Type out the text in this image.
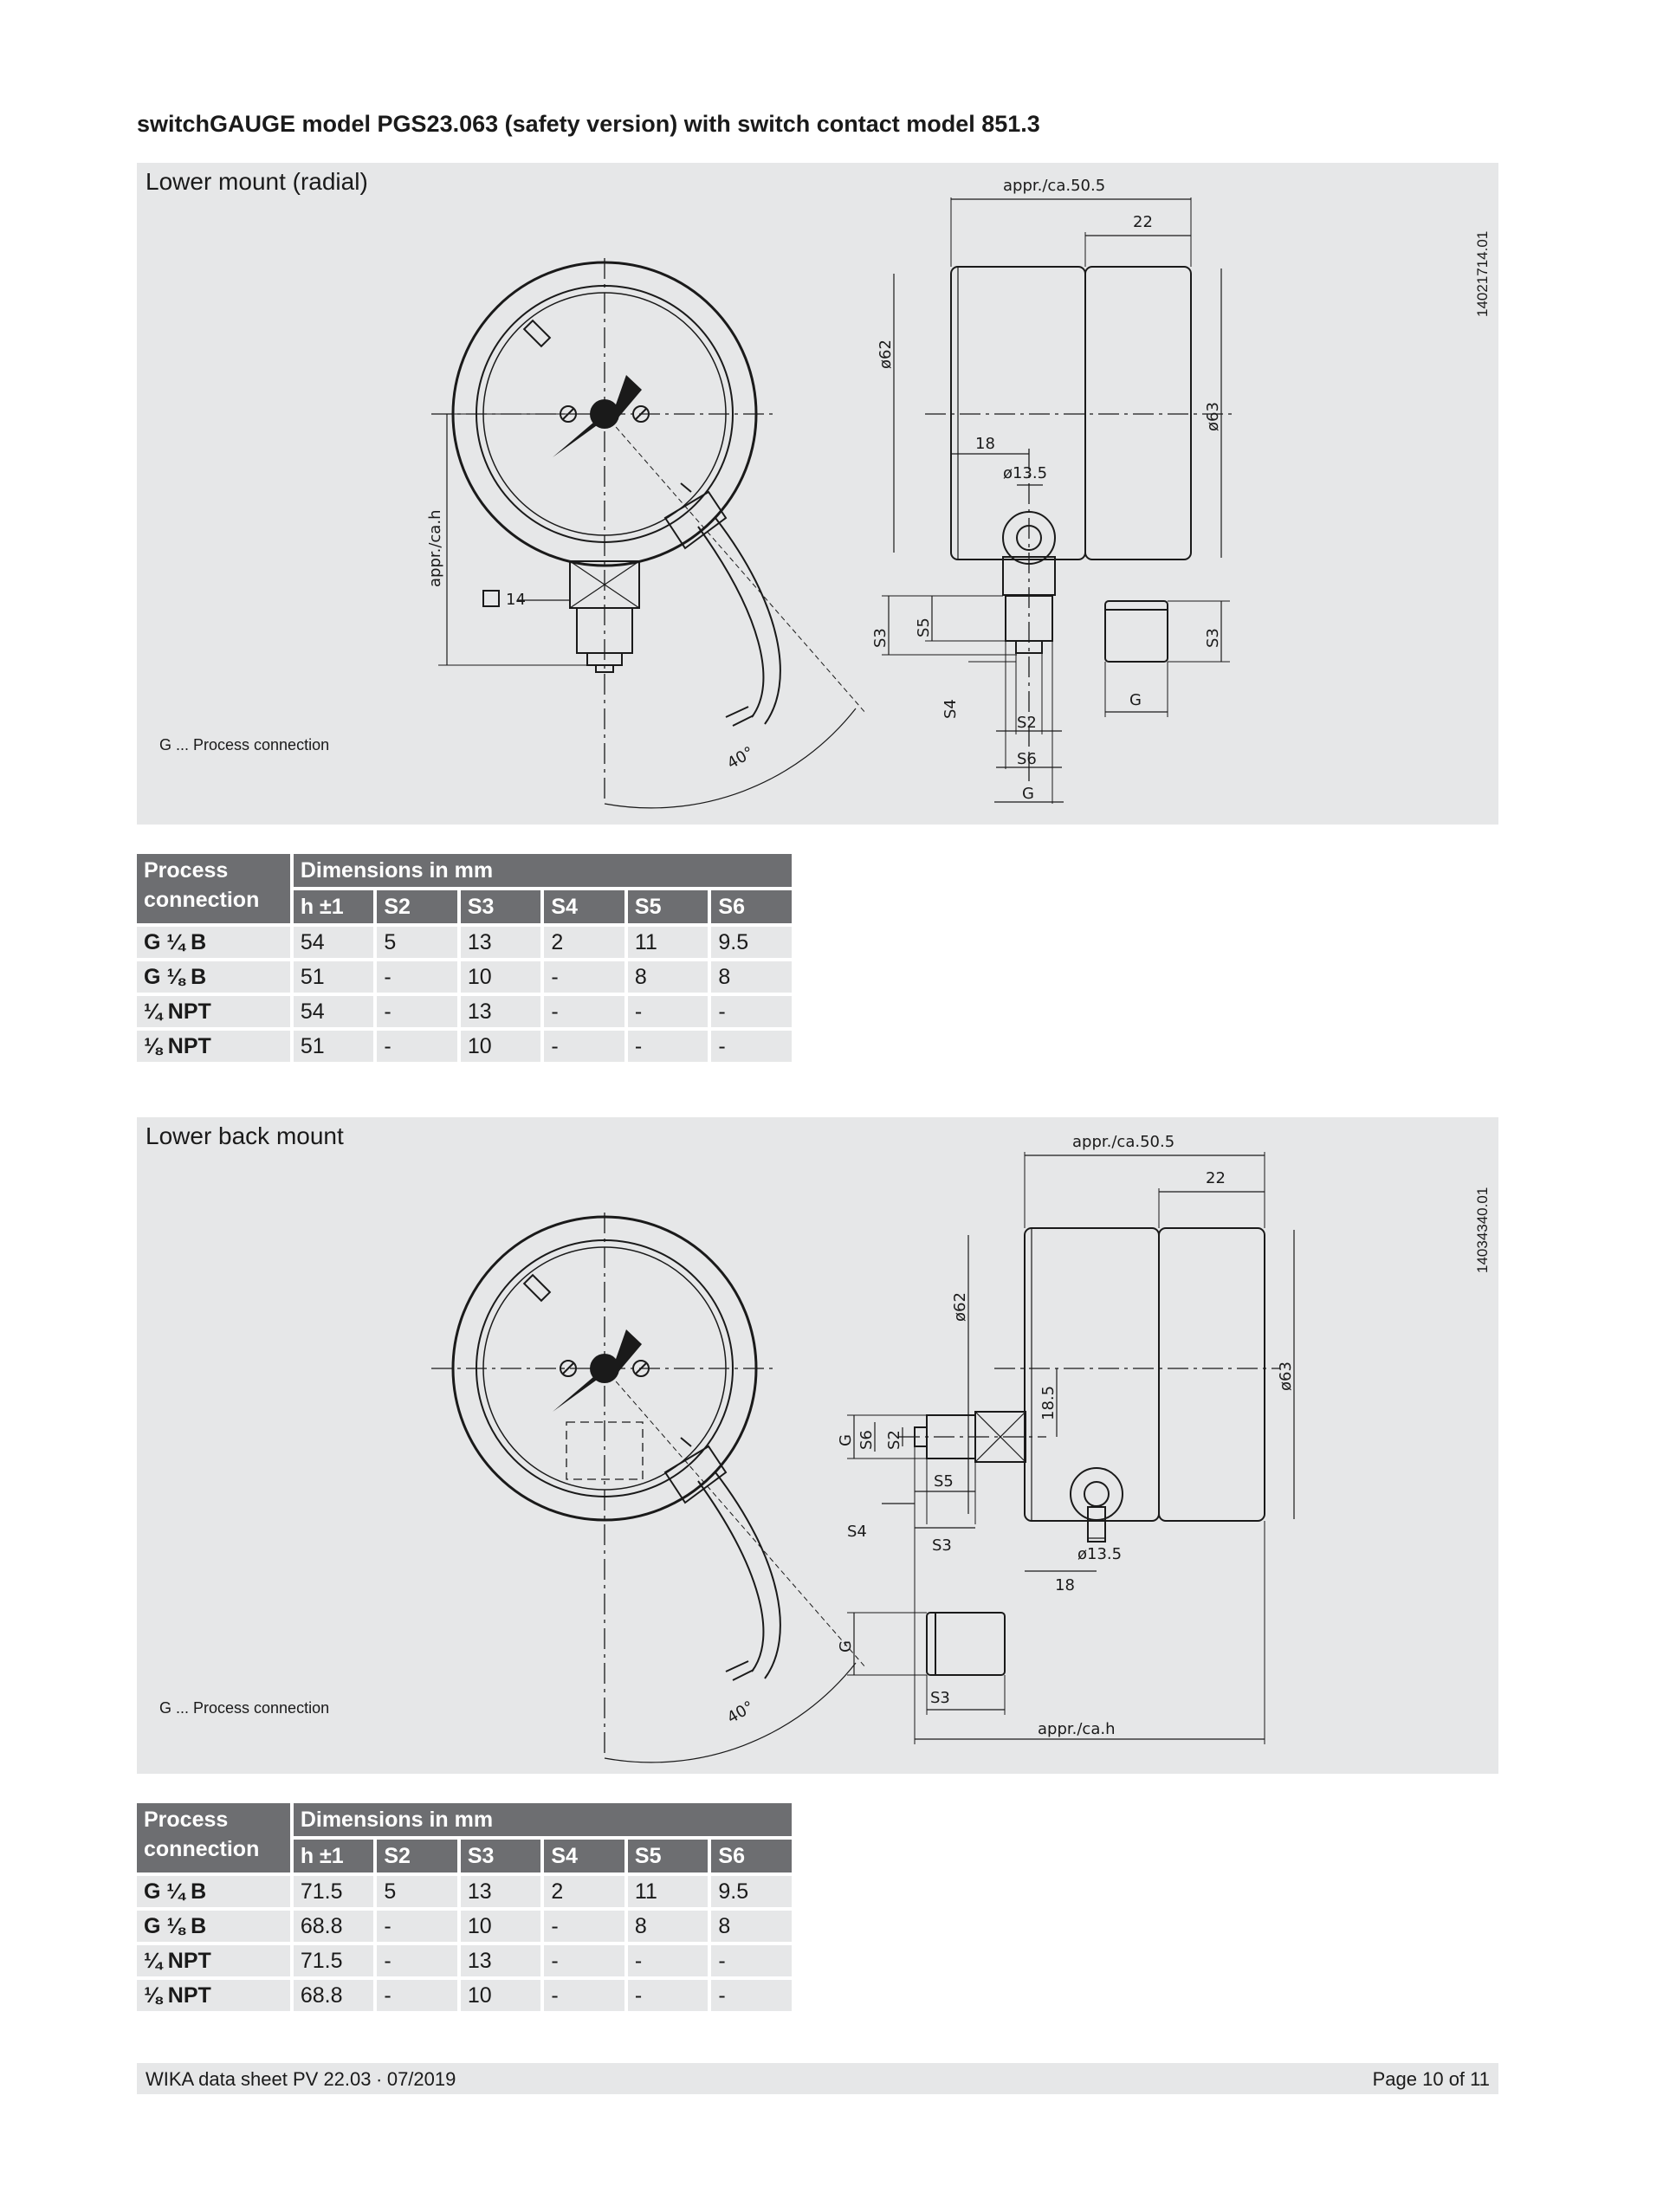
switchGAUGE model PGS23.063 (safety version) with switch contact model 851.3
Lower mount (radial)
G ... Process connection
14021714.01
appr./ca.50.5
22
ø62
ø63
18
ø13.5
S3
S5
S4
S2
S6
G
G
S3
14
appr./ca.h
40°
Process connection	Dimensions in mm					
	h ±1	S2	S3	S4	S5	S6
G ¼ B	54	5	13	2	11	9.5
G ⅛ B	51	-	10	-	8	8
¼ NPT	54	-	13	-	-	-
⅛ NPT	51	-	10	-	-	-
Lower back mount
G ... Process connection
14034340.01
appr./ca.50.5
22
ø62
ø63
18.5
ø13.5
18
G S6 S2
S5
S4
S3
G
S3
appr./ca.h
40°
Process connection	Dimensions in mm					
	h ±1	S2	S3	S4	S5	S6
G ¼ B	71.5	5	13	2	11	9.5
G ⅛ B	68.8	-	10	-	8	8
¼ NPT	71.5	-	13	-	-	-
⅛ NPT	68.8	-	10	-	-	-
WIKA data sheet PV 22.03 ∙ 07/2019	Page 10 of 11
